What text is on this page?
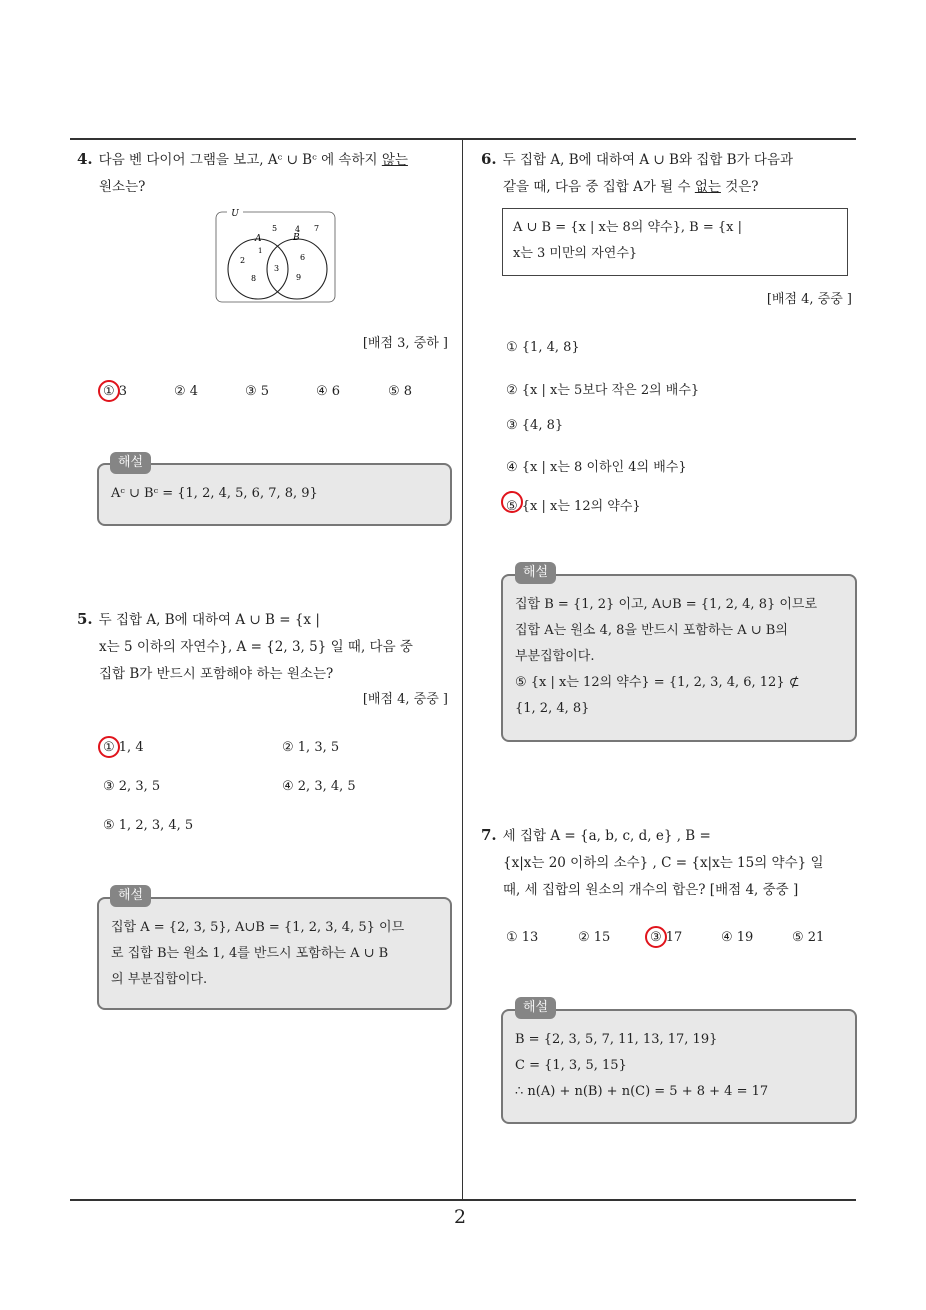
2
4. 다음 벤 다이어 그램을 보고, Aᶜ ∪ Bᶜ 에 속하지 않는
원소는?
U
A	B
5 4 7
1
2
8
3
6
9
[배점 3, 중하 ]
① 3	② 4	③ 5	④ 6	⑤ 8
Aᶜ ∪ Bᶜ = {1, 2, 4, 5, 6, 7, 8, 9}
해설
5. 두 집합 A, B에 대하여 A ∪ B = {x |
x는 5 이하의 자연수}, A = {2, 3, 5} 일 때, 다음 중
집합 B가 반드시 포함해야 하는 원소는?
[배점 4, 중중 ]
① 1, 4	② 1, 3, 5
③ 2, 3, 5	④ 2, 3, 4, 5
⑤ 1, 2, 3, 4, 5
집합 A = {2, 3, 5}, A∪B = {1, 2, 3, 4, 5} 이므
로 집합 B는 원소 1, 4를 반드시 포함하는 A ∪ B
의 부분집합이다.
해설
6. 두 집합 A, B에 대하여 A ∪ B와 집합 B가 다음과
같을 때, 다음 중 집합 A가 될 수 없는 것은?
A ∪ B = {x | x는 8의 약수}, B = {x |
x는 3 미만의 자연수}
[배점 4, 중중 ]
① {1, 4, 8}
② {x | x는 5보다 작은 2의 배수}
③ {4, 8}
④ {x | x는 8 이하인 4의 배수}
⑤ {x | x는 12의 약수}
집합 B = {1, 2} 이고, A∪B = {1, 2, 4, 8} 이므로
집합 A는 원소 4, 8을 반드시 포함하는 A ∪ B의
부분집합이다.
⑤ {x | x는 12의 약수} = {1, 2, 3, 4, 6, 12} ⊄
{1, 2, 4, 8}
해설
7. 세 집합 A = {a, b, c, d, e} , B =
{x|x는 20 이하의 소수} , C = {x|x는 15의 약수} 일
때, 세 집합의 원소의 개수의 합은? [배점 4, 중중 ]
① 13	② 15	③ 17	④ 19	⑤ 21
B = {2, 3, 5, 7, 11, 13, 17, 19}
C = {1, 3, 5, 15}
∴ n(A) + n(B) + n(C) = 5 + 8 + 4 = 17
해설
